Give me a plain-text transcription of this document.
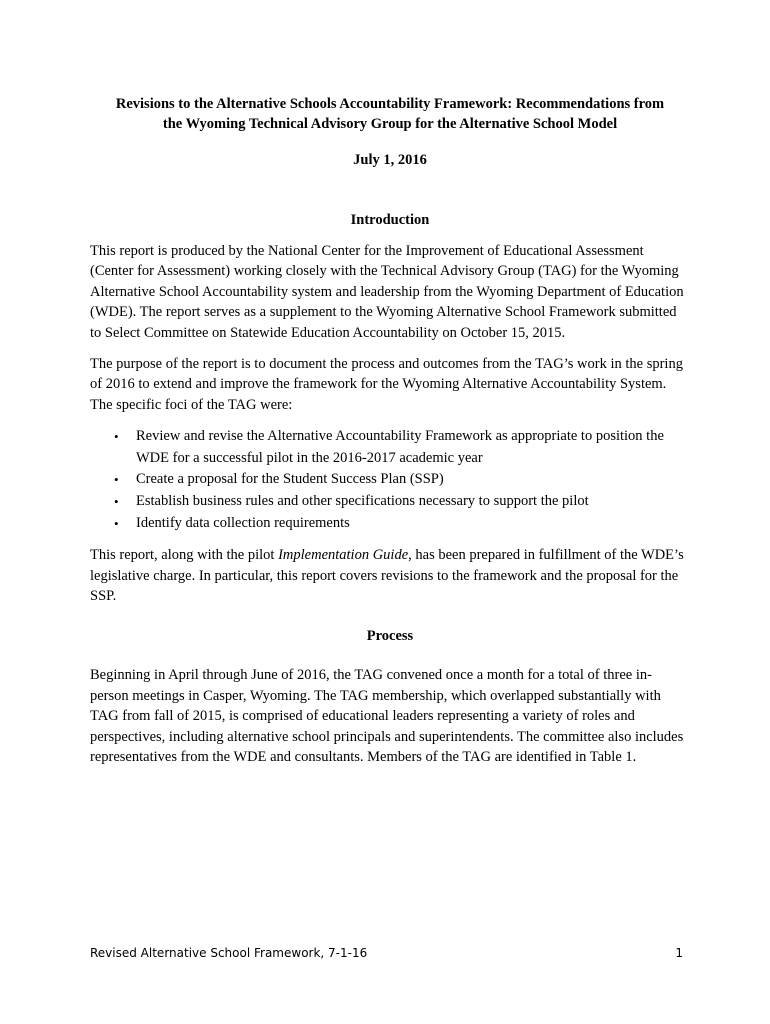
Revisions to the Alternative Schools Accountability Framework: Recommendations from
the Wyoming Technical Advisory Group for the Alternative School Model

July 1, 2016

Introduction

This report is produced by the National Center for the Improvement of Educational Assessment (Center for Assessment) working closely with the Technical Advisory Group (TAG) for the Wyoming Alternative School Accountability system and leadership from the Wyoming Department of Education (WDE). The report serves as a supplement to the Wyoming Alternative School Framework submitted to Select Committee on Statewide Education Accountability on October 15, 2015.

The purpose of the report is to document the process and outcomes from the TAG’s work in the spring of 2016 to extend and improve the framework for the Wyoming Alternative Accountability System. The specific foci of the TAG were:

• Review and revise the Alternative Accountability Framework as appropriate to position the WDE for a successful pilot in the 2016-2017 academic year
• Create a proposal for the Student Success Plan (SSP)
• Establish business rules and other specifications necessary to support the pilot
• Identify data collection requirements

This report, along with the pilot Implementation Guide, has been prepared in fulfillment of the WDE’s legislative charge. In particular, this report covers revisions to the framework and the proposal for the SSP.

Process

Beginning in April through June of 2016, the TAG convened once a month for a total of three in-person meetings in Casper, Wyoming. The TAG membership, which overlapped substantially with TAG from fall of 2015, is comprised of educational leaders representing a variety of roles and perspectives, including alternative school principals and superintendents. The committee also includes representatives from the WDE and consultants. Members of the TAG are identified in Table 1.

Revised Alternative School Framework, 7-1-16	1
